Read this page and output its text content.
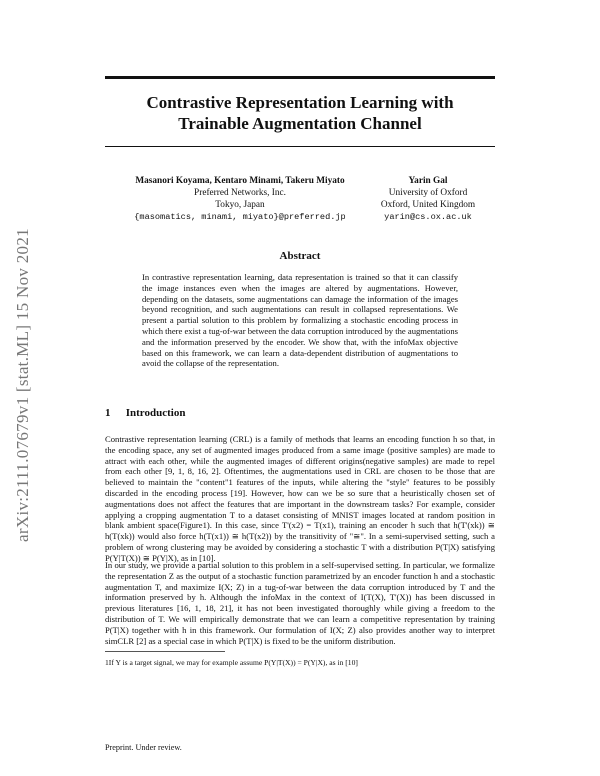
arXiv:2111.07679v1 [stat.ML] 15 Nov 2021
Contrastive Representation Learning with
Trainable Augmentation Channel
Masanori Koyama, Kentaro Minami, Takeru Miyato
Preferred Networks, Inc.
Tokyo, Japan
{masomatics, minami, miyato}@preferred.jp
Yarin Gal
University of Oxford
Oxford, United Kingdom
yarin@cs.ox.ac.uk
Abstract
In contrastive representation learning, data representation is trained so that it can classify the image instances even when the images are altered by augmentations. However, depending on the datasets, some augmentations can damage the information of the images beyond recognition, and such augmentations can result in collapsed representations. We present a partial solution to this problem by formalizing a stochastic encoding process in which there exist a tug-of-war between the data corruption introduced by the augmentations and the information preserved by the encoder. We show that, with the infoMax objective based on this framework, we can learn a data-dependent distribution of augmentations to avoid the collapse of the representation.
1 Introduction

Contrastive representation learning (CRL) is a family of methods that learns an encoding function h so that, in the encoding space, any set of augmented images produced from a same image (positive samples) are made to attract with each other, while the augmented images of different origins(negative samples) are made to repel from each other [9, 1, 8, 16, 2]. Oftentimes, the augmentations used in CRL are chosen to be those that are believed to maintain the "content"1 features of the inputs, while altering the "style" features to be possibly discarded in the encoding process [19]. However, how can we be so sure that a heuristically chosen set of augmentations does not affect the features that are important in the downstream tasks? For example, consider applying a cropping augmentation T to a dataset consisting of MNIST images located at random position in blank ambient space(Figure1). In this case, since T'(x2) = T(x1), training an encoder h such that h(T'(xk)) ≅ h(T(xk)) would also force h(T(x1)) ≅ h(T(x2)) by the transitivity of "≅". In a semi-supervised setting, such a problem of wrong clustering may be avoided by considering a stochastic T with a distribution P(T|X) satisfying P(Y|T(X)) ≅ P(Y|X), as in [10].

In our study, we provide a partial solution to this problem in a self-supervised setting. In particular, we formalize the representation Z as the output of a stochastic function parametrized by an encoder function h and a stochastic augmentation T, and maximize I(X; Z) in a tug-of-war between the data corruption introduced by T and the information preserved by h. Although the infoMax in the context of I(T(X), T'(X)) has been discussed in previous literatures [16, 1, 18, 21], it has not been investigated thoroughly while giving a freedom to the distribution of T. We will empirically demonstrate that we can learn a competitive representation by training P(T|X) together with h in this framework. Our formulation of I(X; Z) also provides another way to interpret simCLR [2] as a special case in which P(T|X) is fixed to be the uniform distribution.

1If Y is a target signal, we may for example assume P(Y|T(X)) = P(Y|X), as in [10]
Preprint. Under review.
